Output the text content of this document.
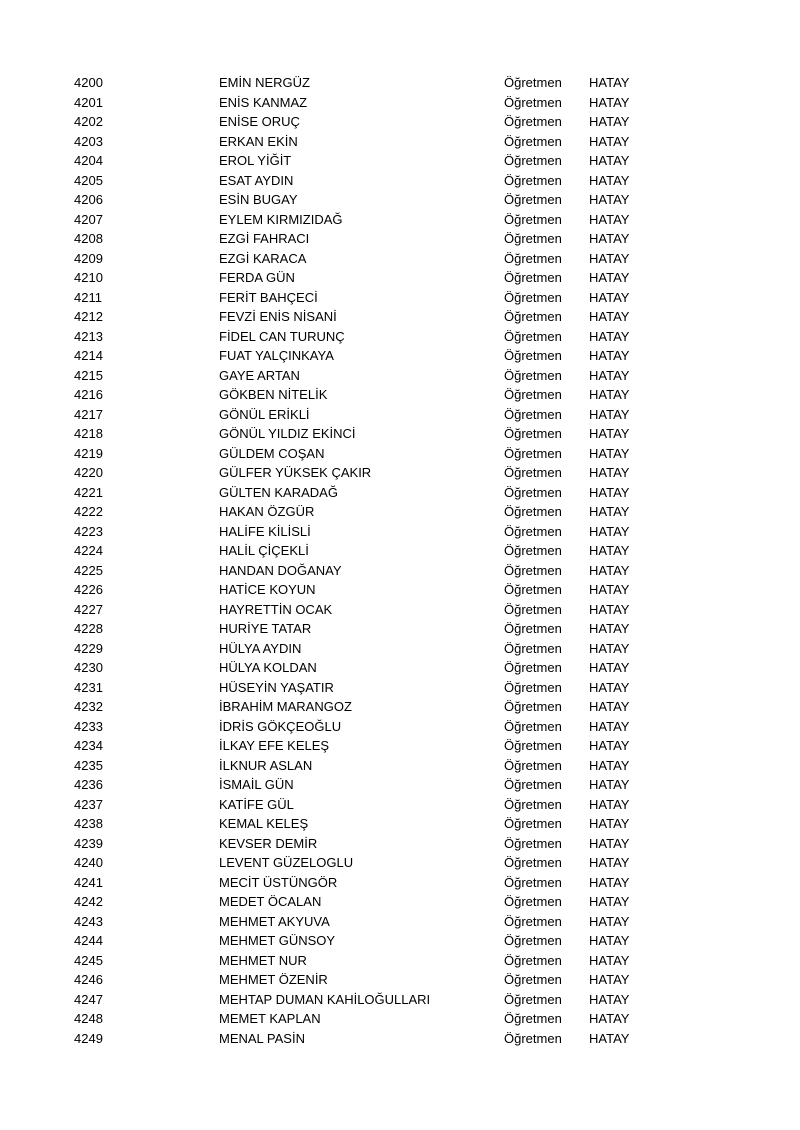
4200	EMİN NERGÜZ	Öğretmen HATAY
4201	ENİS KANMAZ	Öğretmen HATAY
4202	ENİSE ORUÇ	Öğretmen HATAY
4203	ERKAN EKİN	Öğretmen HATAY
4204	EROL YİĞİT	Öğretmen HATAY
4205	ESAT AYDIN	Öğretmen HATAY
4206	ESİN BUGAY	Öğretmen HATAY
4207	EYLEM KIRMIZIDAĞ	Öğretmen HATAY
4208	EZGİ FAHRACI	Öğretmen HATAY
4209	EZGİ KARACA	Öğretmen HATAY
4210	FERDA GÜN	Öğretmen HATAY
4211	FERİT BAHÇECİ	Öğretmen HATAY
4212	FEVZİ ENİS NİSANİ	Öğretmen HATAY
4213	FİDEL CAN TURUNÇ	Öğretmen HATAY
4214	FUAT YALÇINKAYA	Öğretmen HATAY
4215	GAYE ARTAN	Öğretmen HATAY
4216	GÖKBEN NİTELİK	Öğretmen HATAY
4217	GÖNÜL ERİKLİ	Öğretmen HATAY
4218	GÖNÜL YILDIZ EKİNCİ	Öğretmen HATAY
4219	GÜLDEM COŞAN	Öğretmen HATAY
4220	GÜLFER YÜKSEK ÇAKIR	Öğretmen HATAY
4221	GÜLTEN KARADAĞ	Öğretmen HATAY
4222	HAKAN ÖZGÜR	Öğretmen HATAY
4223	HALİFE KİLİSLİ	Öğretmen HATAY
4224	HALİL ÇİÇEKLİ	Öğretmen HATAY
4225	HANDAN DOĞANAY	Öğretmen HATAY
4226	HATİCE KOYUN	Öğretmen HATAY
4227	HAYRETTİN OCAK	Öğretmen HATAY
4228	HURİYE TATAR	Öğretmen HATAY
4229	HÜLYA AYDIN	Öğretmen HATAY
4230	HÜLYA KOLDAN	Öğretmen HATAY
4231	HÜSEYİN YAŞATIR	Öğretmen HATAY
4232	İBRAHİM MARANGOZ	Öğretmen HATAY
4233	İDRİS GÖKÇEOĞLU	Öğretmen HATAY
4234	İLKAY EFE KELEŞ	Öğretmen HATAY
4235	İLKNUR ASLAN	Öğretmen HATAY
4236	İSMAİL GÜN	Öğretmen HATAY
4237	KATİFE GÜL	Öğretmen HATAY
4238	KEMAL KELEŞ	Öğretmen HATAY
4239	KEVSER DEMİR	Öğretmen HATAY
4240	LEVENT GÜZELOGLU	Öğretmen HATAY
4241	MECİT ÜSTÜNGÖR	Öğretmen HATAY
4242	MEDET ÖCALAN	Öğretmen HATAY
4243	MEHMET AKYUVA	Öğretmen HATAY
4244	MEHMET GÜNSOY	Öğretmen HATAY
4245	MEHMET NUR	Öğretmen HATAY
4246	MEHMET ÖZENİR	Öğretmen HATAY
4247	MEHTAP DUMAN KAHİLOĞULLARI	Öğretmen HATAY
4248	MEMET KAPLAN	Öğretmen HATAY
4249	MENAL PASİN	Öğretmen HATAY
